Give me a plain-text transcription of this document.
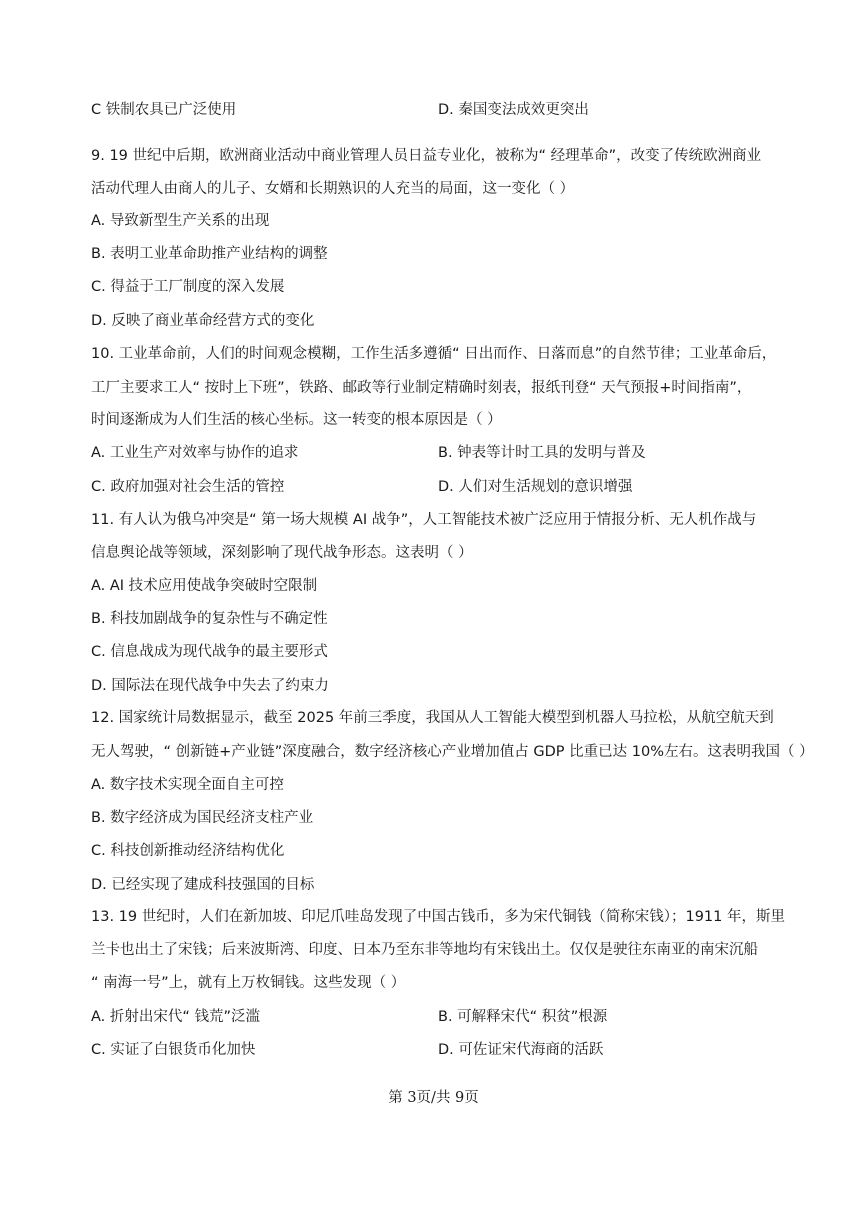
C 铁制农具已广泛使用	D. 秦国变法成效更突出
9. 19 世纪中后期，欧洲商业活动中商业管理人员日益专业化，被称为“ 经理革命”，改变了传统欧洲商业
活动代理人由商人的儿子、女婿和长期熟识的人充当的局面，这一变化（ ）
A. 导致新型生产关系的出现
B. 表明工业革命助推产业结构的调整
C. 得益于工厂制度的深入发展
D. 反映了商业革命经营方式的变化
10. 工业革命前，人们的时间观念模糊，工作生活多遵循“ 日出而作、日落而息”的自然节律；工业革命后，
工厂主要求工人“ 按时上下班”，铁路、邮政等行业制定精确时刻表，报纸刊登“ 天气预报+时间指南”，
时间逐渐成为人们生活的核心坐标。这一转变的根本原因是（ ）
A. 工业生产对效率与协作的追求	B. 钟表等计时工具的发明与普及
C. 政府加强对社会生活的管控	D. 人们对生活规划的意识增强
11. 有人认为俄乌冲突是“ 第一场大规模 AI 战争”，人工智能技术被广泛应用于情报分析、无人机作战与
信息舆论战等领域，深刻影响了现代战争形态。这表明（ ）
A. AI 技术应用使战争突破时空限制
B. 科技加剧战争的复杂性与不确定性
C. 信息战成为现代战争的最主要形式
D. 国际法在现代战争中失去了约束力
12. 国家统计局数据显示，截至 2025 年前三季度，我国从人工智能大模型到机器人马拉松，从航空航天到
无人驾驶，“ 创新链+产业链”深度融合，数字经济核心产业增加值占 GDP 比重已达 10%左右。这表明我国（ ）
A. 数字技术实现全面自主可控
B. 数字经济成为国民经济支柱产业
C. 科技创新推动经济结构优化
D. 已经实现了建成科技强国的目标
13. 19 世纪时，人们在新加坡、印尼爪哇岛发现了中国古钱币，多为宋代铜钱（简称宋钱）；1911 年，斯里
兰卡也出土了宋钱；后来波斯湾、印度、日本乃至东非等地均有宋钱出土。仅仅是驶往东南亚的南宋沉船
“ 南海一号”上，就有上万枚铜钱。这些发现（ ）
A. 折射出宋代“ 钱荒”泛滥	B. 可解释宋代“ 积贫”根源
C. 实证了白银货币化加快	D. 可佐证宋代海商的活跃
第 3页/共 9页
